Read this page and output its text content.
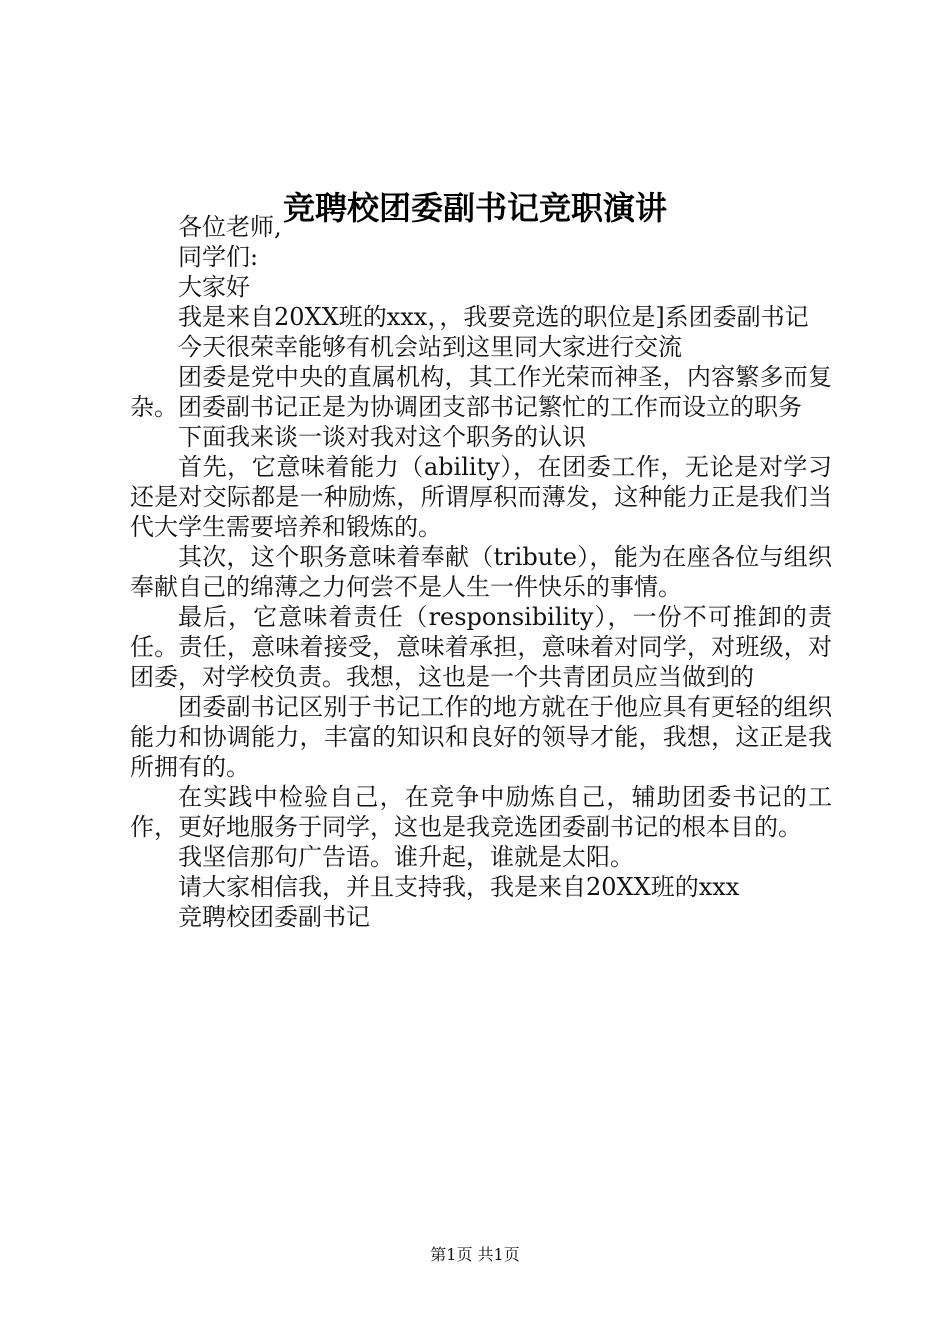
竞聘校团委副书记竞职演讲

各位老师,

同学们:

大家好

我是来自20XX班的xxx，，我要竞选的职位是]系团委副书记

今天很荣幸能够有机会站到这里同大家进行交流

团委是党中央的直属机构，其工作光荣而神圣，内容繁多而复杂。团委副书记正是为协调团支部书记繁忙的工作而设立的职务

下面我来谈一谈对我对这个职务的认识

首先，它意味着能力（ability），在团委工作，无论是对学习还是对交际都是一种励炼，所谓厚积而薄发，这种能力正是我们当代大学生需要培养和锻炼的。

其次，这个职务意味着奉献（tribute），能为在座各位与组织奉献自己的绵薄之力何尝不是人生一件快乐的事情。

最后，它意味着责任（responsibility），一份不可推卸的责任。责任，意味着接受，意味着承担，意味着对同学，对班级，对团委，对学校负责。我想，这也是一个共青团员应当做到的

团委副书记区别于书记工作的地方就在于他应具有更轻的组织能力和协调能力，丰富的知识和良好的领导才能，我想，这正是我所拥有的。

在实践中检验自己，在竞争中励炼自己，辅助团委书记的工作，更好地服务于同学，这也是我竞选团委副书记的根本目的。

我坚信那句广告语。谁升起，谁就是太阳。

请大家相信我，并且支持我，我是来自20XX班的xxx

竞聘校团委副书记

第1页 共1页
